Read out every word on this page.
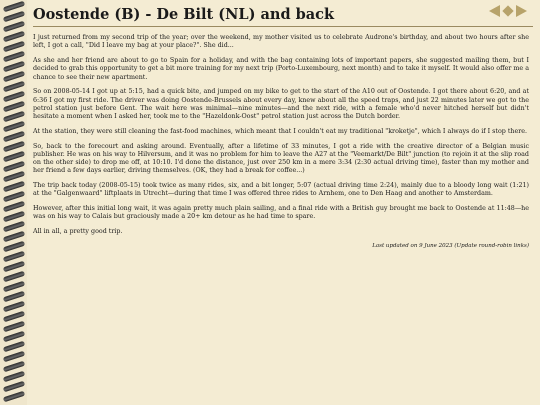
Oostende (B) - De Bilt (NL) and back

I just returned from my second trip of the year; over the weekend, my mother visited us to celebrate Audrone's birthday, and about two hours after she left, I got a call, "Did I leave my bag at your place?". She did...

As she and her friend are about to go to Spain for a holiday, and with the bag containing lots of important papers, she suggested mailing them, but I decided to grab this opportunity to get a bit more training for my next trip (Porto-Luxembourg, next month) and to take it myself. It would also offer me a chance to see their new apartment.

So on 2008-05-14 I got up at 5:15, had a quick bite, and jumped on my bike to get to the start of the A10 out of Oostende. I got there about 6:20, and at 6:36 I got my first ride. The driver was doing Oostende-Brussels about every day, knew about all the speed traps, and just 22 minutes later we got to the petrol station just before Gent. The wait here was minimal—nine minutes—and the next ride, with a female who'd never hitched herself but didn't hesitate a moment when I asked her, took me to the "Hazeldonk-Oost" petrol station just across the Dutch border.

At the station, they were still cleaning the fast-food machines, which meant that I couldn't eat my traditional "kroketje", which I always do if I stop there.

So, back to the forecourt and asking around. Eventually, after a lifetime of 33 minutes, I got a ride with the creative director of a Belgian music publisher. He was on his way to Hilversum, and it was no problem for him to leave the A27 at the "Veemarkt/De Bilt" junction (to rejoin it at the slip road on the other side) to drop me off, at 10:10. I'd done the distance, just over 250 km in a mere 3:34 (2:30 actual driving time), faster than my mother and her friend a few days earlier, driving themselves. (OK, they had a break for coffee...)

The trip back today (2008-05-15) took twice as many rides, six, and a bit longer, 5:07 (actual driving time 2:24), mainly due to a bloody long wait (1:21) at the "Galgenwaard" liftplaats in Utrecht—during that time I was offered three rides to Arnhem, one to Den Haag and another to Amsterdam.

However, after this initial long wait, it was again pretty much plain sailing, and a final ride with a British guy brought me back to Oostende at 11:48—he was on his way to Calais but graciously made a 20+ km detour as he had time to spare.

All in all, a pretty good trip.

Last updated on 9 June 2023 (Update round-robin links)
